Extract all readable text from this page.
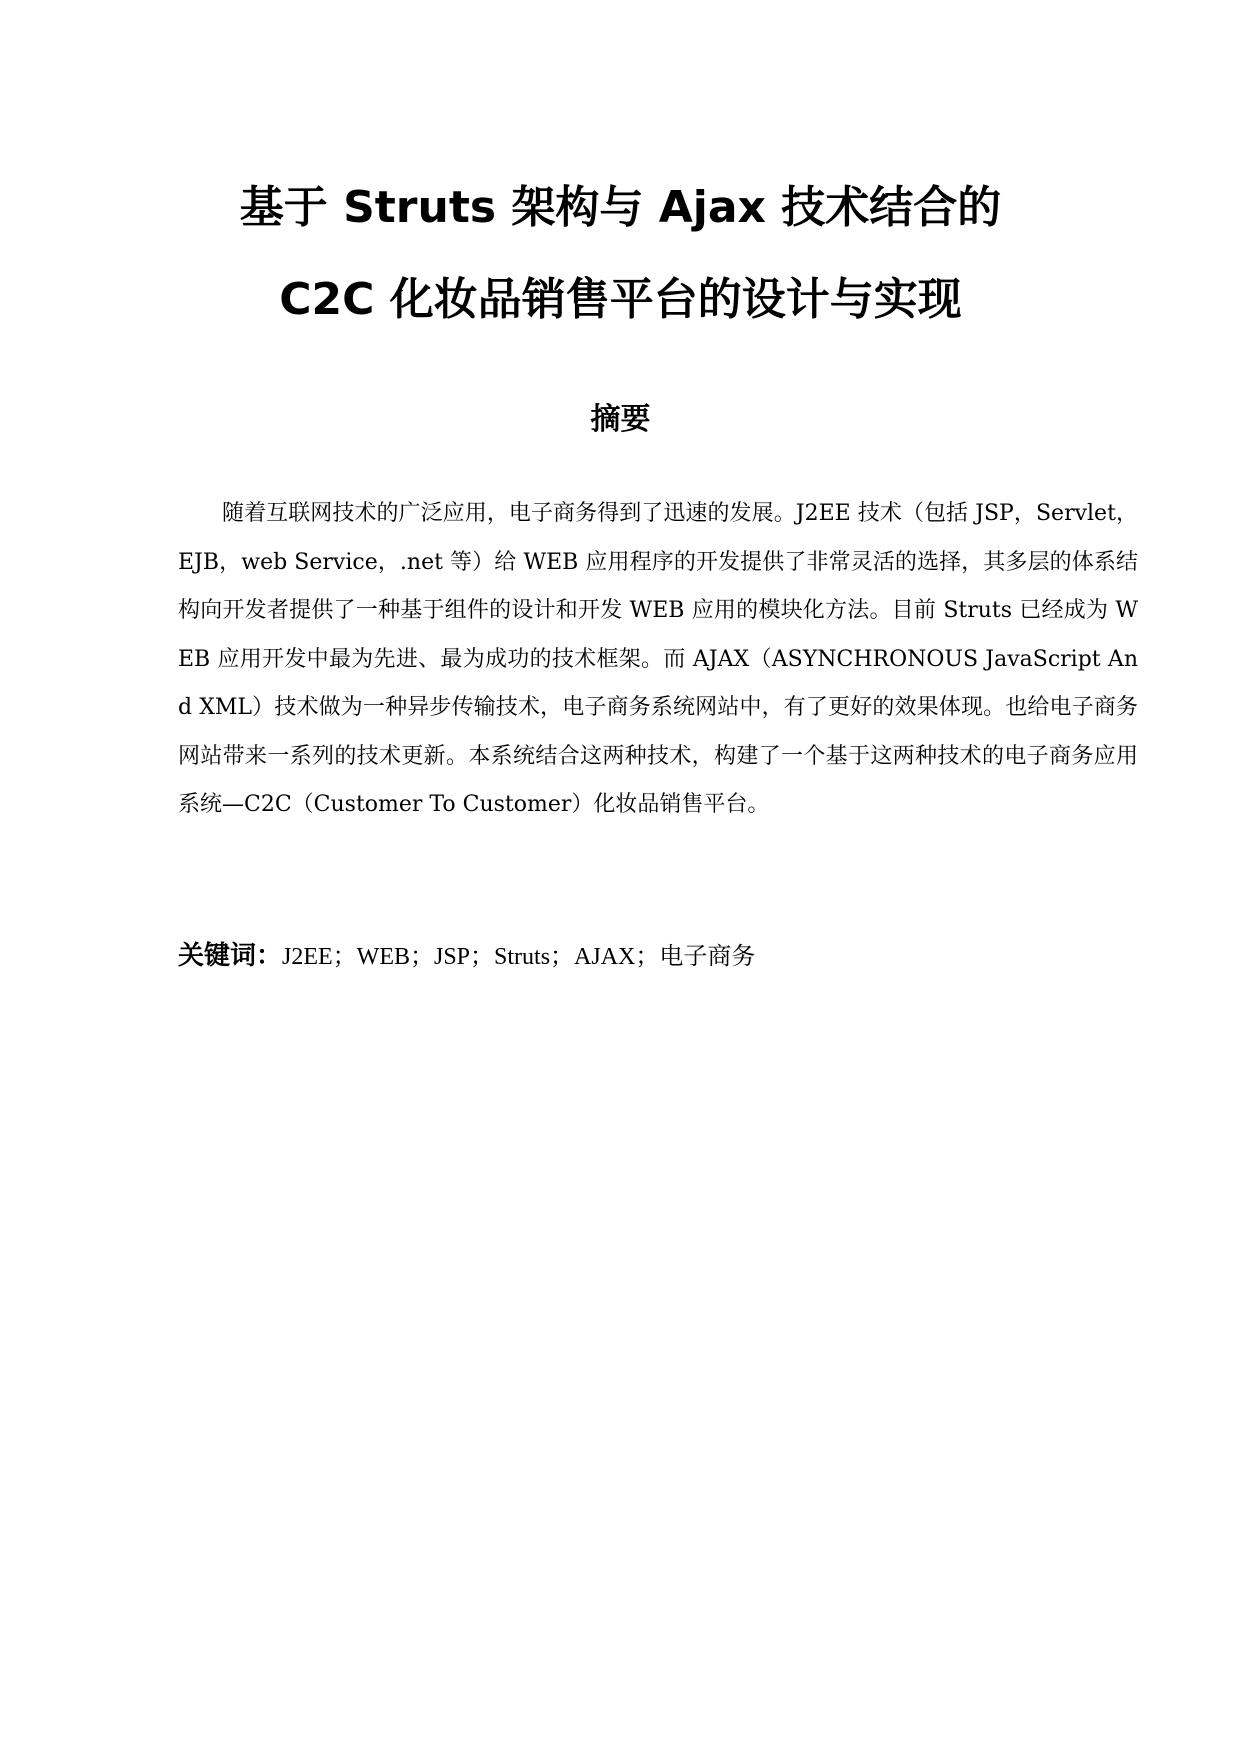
基于 Struts 架构与 Ajax 技术结合的
C2C 化妆品销售平台的设计与实现
摘要
随着互联网技术的广泛应用，电子商务得到了迅速的发展。J2EE 技术（包括 JSP，Servlet，EJB，web Service，.net 等）给 WEB 应用程序的开发提供了非常灵活的选择，其多层的体系结构向开发者提供了一种基于组件的设计和开发 WEB 应用的模块化方法。目前 Struts 已经成为 WEB 应用开发中最为先进、最为成功的技术框架。而 AJAX（ASYNCHRONOUS JavaScript And XML）技术做为一种异步传输技术，电子商务系统网站中，有了更好的效果体现。也给电子商务网站带来一系列的技术更新。本系统结合这两种技术，构建了一个基于这两种技术的电子商务应用系统—C2C（Customer To Customer）化妆品销售平台。
关键词：J2EE；WEB；JSP；Struts；AJAX；电子商务
